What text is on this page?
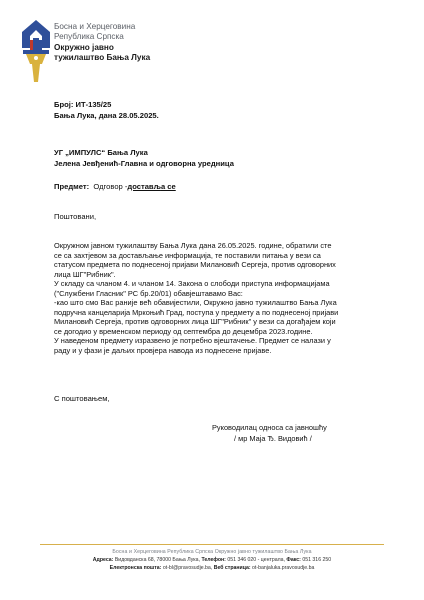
Босна и Херцеговина
Република Српска
Окружно јавно
тужилаштво Бања Лука
Број: ИТ-135/25
Бања Лука, дана 28.05.2025.
УГ „ИМПУЛС“ Бања Лука
Јелена Јевђенић-Главна и одговорна уредница
Предмет: Одговор -доставља се
Поштовани,
Окружном јавном тужилаштву Бања Лука дана 26.05.2025. године, обратили сте
се са захтјевом за достављање информација, те поставили питања у вези са
статусом предмета по поднесеној пријави Милановић Сергеја, против одговорних
лица ШГ"Рибник".
У складу са чланом 4. и чланом 14. Закона о слободи приступа информацијама
("Службени Гласник" РС бр.20/01) обавјештавамо Вас:
-као што смо Вас раније већ обавијестили, Окружно јавно тужилаштво Бања Лука
подручна канцеларија Мркоњић Град, поступа у предмету а по поднесеној пријави
Милановић Сергеја, против одговорних лица ШГ"Рибник" у вези са догађајем који
се догодио у временском периоду од септембра до децембра 2023.године.
У наведеном предмету изразвено је потребно вјештачење. Предмет се налази у
раду и у фази је даљих провјера навода из поднесене пријаве.
С поштовањем,
Руководилац односа са јавношћу
/ мр Маја Ђ. Видовић /
Босна и Херцеговина Република Српска Окружно јавно тужилаштво Бања Лука
Адреса: Видовданска 68, 78000 Бања Лука, Телефон: 051 346 020 - централа, Факс: 051 316 250
Електронска пошта: ot-bl@pravosudje.ba, Веб страница: ot-banjaluka.pravosudje.ba
